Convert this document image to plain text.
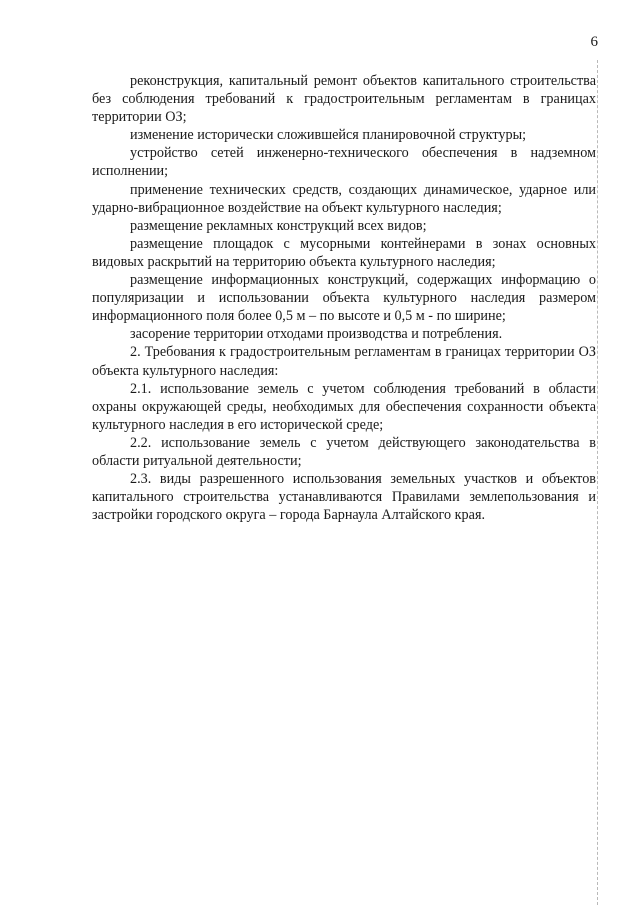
6

реконструкция, капитальный ремонт объектов капитального строительства без соблюдения требований к градостроительным регламентам в границах территории ОЗ;

изменение исторически сложившейся планировочной структуры;

устройство сетей инженерно-технического обеспечения в надземном исполнении;

применение технических средств, создающих динамическое, ударное или ударно-вибрационное воздействие на объект культурного наследия;

размещение рекламных конструкций всех видов;

размещение площадок с мусорными контейнерами в зонах основных видовых раскрытий на территорию объекта культурного наследия;

размещение информационных конструкций, содержащих информацию о популяризации и использовании объекта культурного наследия размером информационного поля более 0,5 м – по высоте и 0,5 м - по ширине;

засорение территории отходами производства и потребления.

2. Требования к градостроительным регламентам в границах территории ОЗ объекта культурного наследия:

2.1. использование земель с учетом соблюдения требований в области охраны окружающей среды, необходимых для обеспечения сохранности объекта культурного наследия в его исторической среде;

2.2. использование земель с учетом действующего законодательства в области ритуальной деятельности;

2.3. виды разрешенного использования земельных участков и объектов капитального строительства устанавливаются Правилами землепользования и застройки городского округа – города Барнаула Алтайского края.
